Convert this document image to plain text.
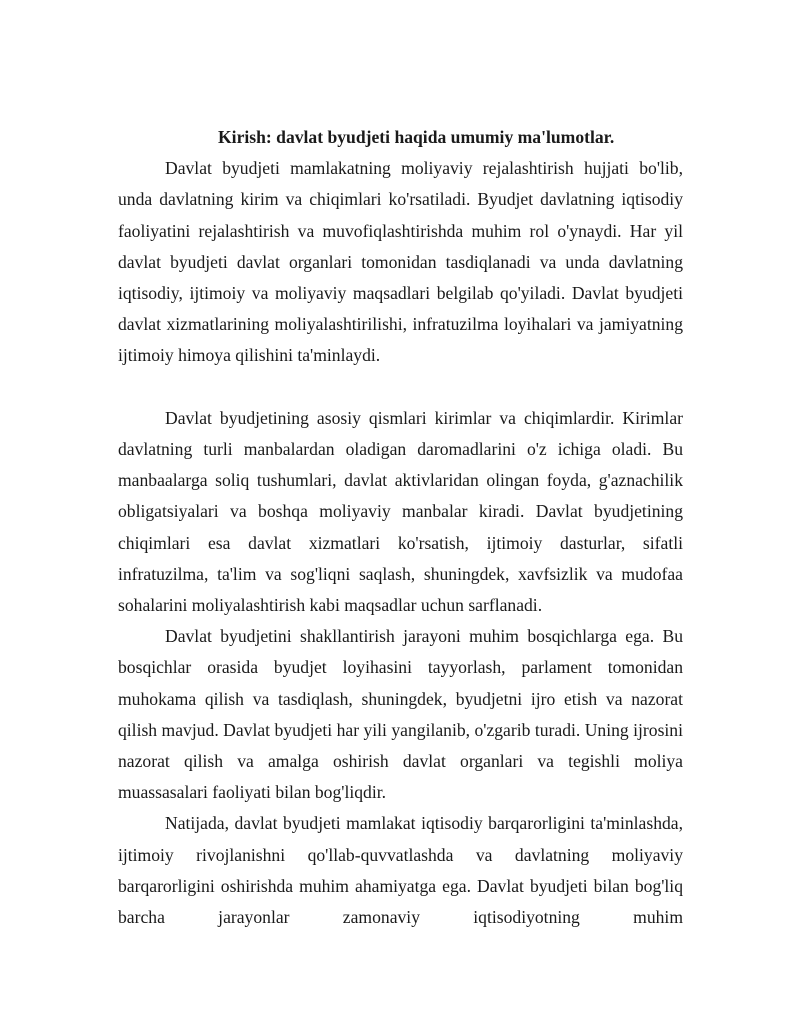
Kirish: davlat byudjeti haqida umumiy ma'lumotlar.

Davlat byudjeti mamlakatning moliyaviy rejalashtirish hujjati bo'lib, unda davlatning kirim va chiqimlari ko'rsatiladi. Byudjet davlatning iqtisodiy faoliyatini rejalashtirish va muvofiqlashtirishda muhim rol o'ynaydi. Har yil davlat byudjeti davlat organlari tomonidan tasdiqlanadi va unda davlatning iqtisodiy, ijtimoiy va moliyaviy maqsadlari belgilab qo'yiladi. Davlat byudjeti davlat xizmatlarining moliyalashtirilishi, infratuzilma loyihalari va jamiyatning ijtimoiy himoya qilishini ta'minlaydi.

Davlat byudjetining asosiy qismlari kirimlar va chiqimlardir. Kirimlar davlatning turli manbalardan oladigan daromadlarini o'z ichiga oladi. Bu manbaalarga soliq tushumlari, davlat aktivlaridan olingan foyda, g'aznachilik obligatsiyalari va boshqa moliyaviy manbalar kiradi. Davlat byudjetining chiqimlari esa davlat xizmatlari ko'rsatish, ijtimoiy dasturlar, sifatli infratuzilma, ta'lim va sog'liqni saqlash, shuningdek, xavfsizlik va mudofaa sohalarini moliyalashtirish kabi maqsadlar uchun sarflanadi.

Davlat byudjetini shakllantirish jarayoni muhim bosqichlarga ega. Bu bosqichlar orasida byudjet loyihasini tayyorlash, parlament tomonidan muhokama qilish va tasdiqlash, shuningdek, byudjetni ijro etish va nazorat qilish mavjud. Davlat byudjeti har yili yangilanib, o'zgarib turadi. Uning ijrosini nazorat qilish va amalga oshirish davlat organlari va tegishli moliya muassasalari faoliyati bilan bog'liqdir.

Natijada, davlat byudjeti mamlakat iqtisodiy barqarorligini ta'minlashda, ijtimoiy rivojlanishni qo'llab-quvvatlashda va davlatning moliyaviy barqarorligini oshirishda muhim ahamiyatga ega. Davlat byudjeti bilan bog'liq barcha jarayonlar zamonaviy iqtisodiyotning muhim
